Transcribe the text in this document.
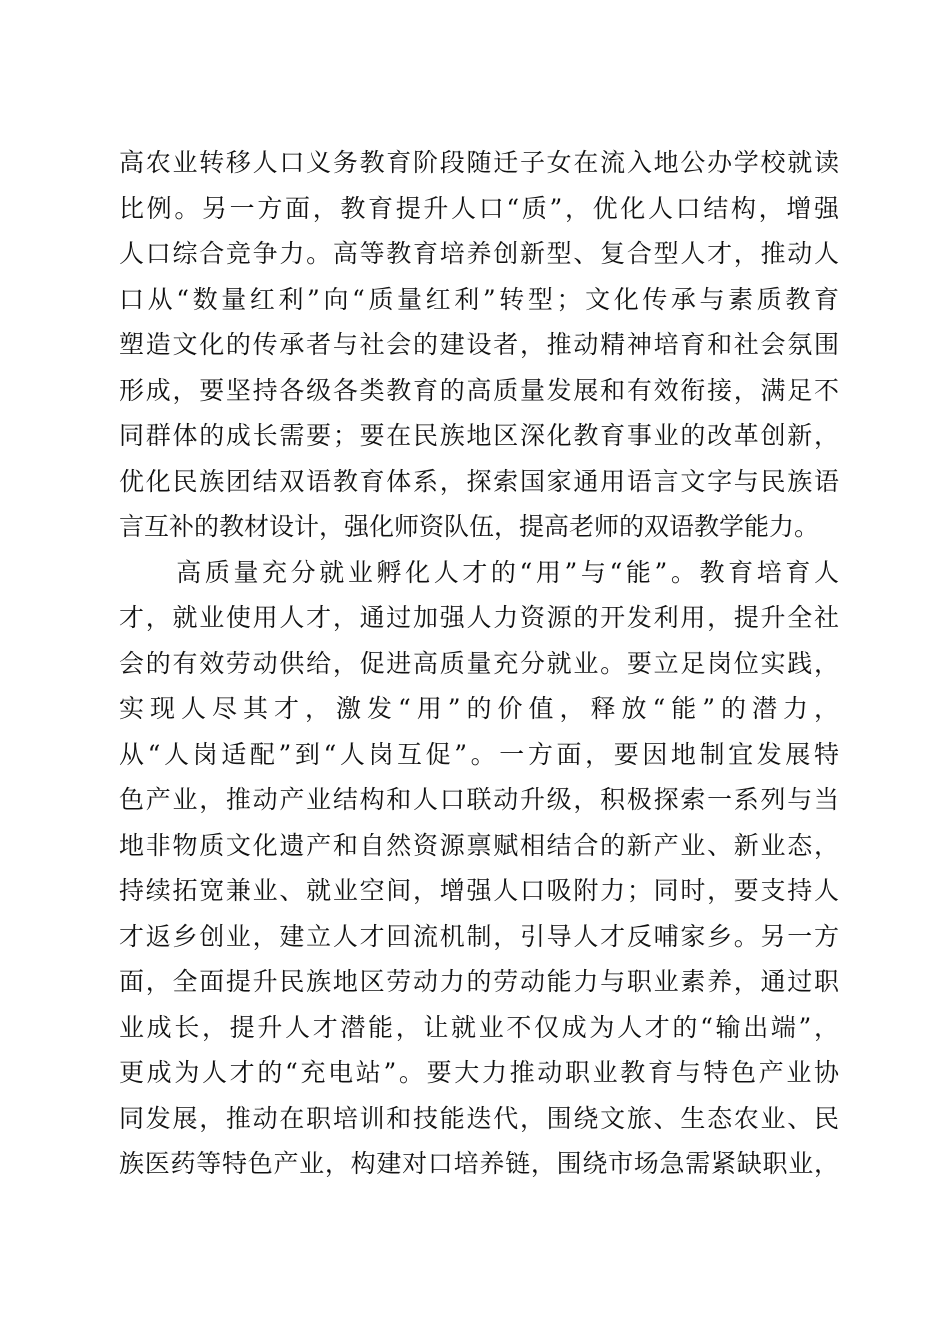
高农业转移人口义务教育阶段随迁子女在流入地公办学校就读
比例。另一方面，教育提升人口“质”，优化人口结构，增强
人口综合竞争力。高等教育培养创新型、复合型人才，推动人
口从“数量红利”向“质量红利”转型；文化传承与素质教育
塑造文化的传承者与社会的建设者，推动精神培育和社会氛围
形成，要坚持各级各类教育的高质量发展和有效衔接，满足不
同群体的成长需要；要在民族地区深化教育事业的改革创新，
优化民族团结双语教育体系，探索国家通用语言文字与民族语
言互补的教材设计，强化师资队伍，提高老师的双语教学能力。
　　高质量充分就业孵化人才的“用”与“能”。教育培育人
才，就业使用人才，通过加强人力资源的开发利用，提升全社
会的有效劳动供给，促进高质量充分就业。要立足岗位实践，
实现人尽其才，激发“用”的价值，释放“能”的潜力，
从“人岗适配”到“人岗互促”。一方面，要因地制宜发展特
色产业，推动产业结构和人口联动升级，积极探索一系列与当
地非物质文化遗产和自然资源禀赋相结合的新产业、新业态，
持续拓宽兼业、就业空间，增强人口吸附力；同时，要支持人
才返乡创业，建立人才回流机制，引导人才反哺家乡。另一方
面，全面提升民族地区劳动力的劳动能力与职业素养，通过职
业成长，提升人才潜能，让就业不仅成为人才的“输出端”，
更成为人才的“充电站”。要大力推动职业教育与特色产业协
同发展，推动在职培训和技能迭代，围绕文旅、生态农业、民
族医药等特色产业，构建对口培养链，围绕市场急需紧缺职业，
